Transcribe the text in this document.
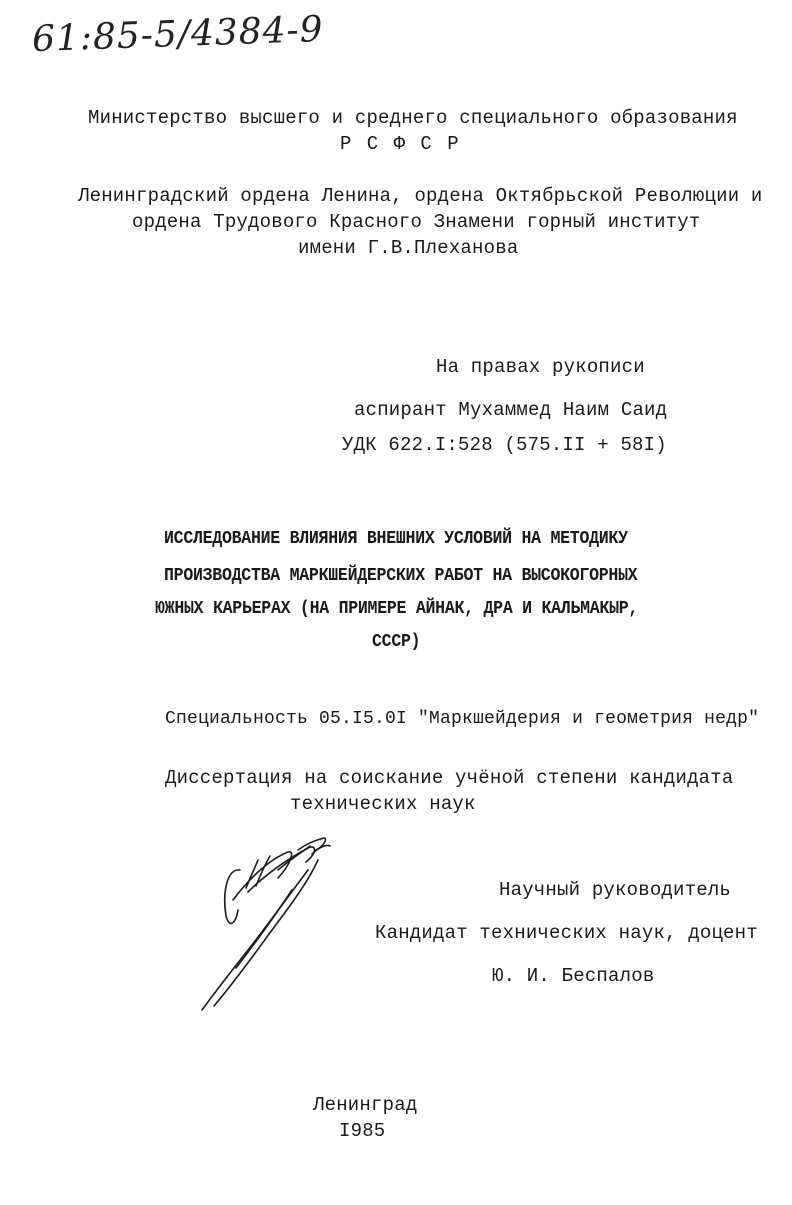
61:85-5/4384-9
Министерство высшего и среднего специального образования
Р С Ф С Р
Ленинградский ордена Ленина, ордена Октябрьской Революции и
ордена Трудового Красного Знамени горный институт
имени Г.В.Плеханова
На правах рукописи
аспирант Мухаммед Наим Саид
УДК 622.I:528 (575.II + 58I)
ИССЛЕДОВАНИЕ ВЛИЯНИЯ ВНЕШНИХ УСЛОВИЙ НА МЕТОДИКУ
ПРОИЗВОДСТВА МАРКШЕЙДЕРСКИХ РАБОТ НА ВЫСОКОГОРНЫХ
ЮЖНЫХ КАРЬЕРАХ (НА ПРИМЕРЕ АЙНАК, ДРА И КАЛЬМАКЫР,
СССР)
Специальность 05.I5.0I "Маркшейдерия и геометрия недр"
Диссертация на соискание учёной степени кандидата
технических наук
Научный руководитель
Кандидат технических наук, доцент
Ю. И. Беспалов
Ленинград
I985
